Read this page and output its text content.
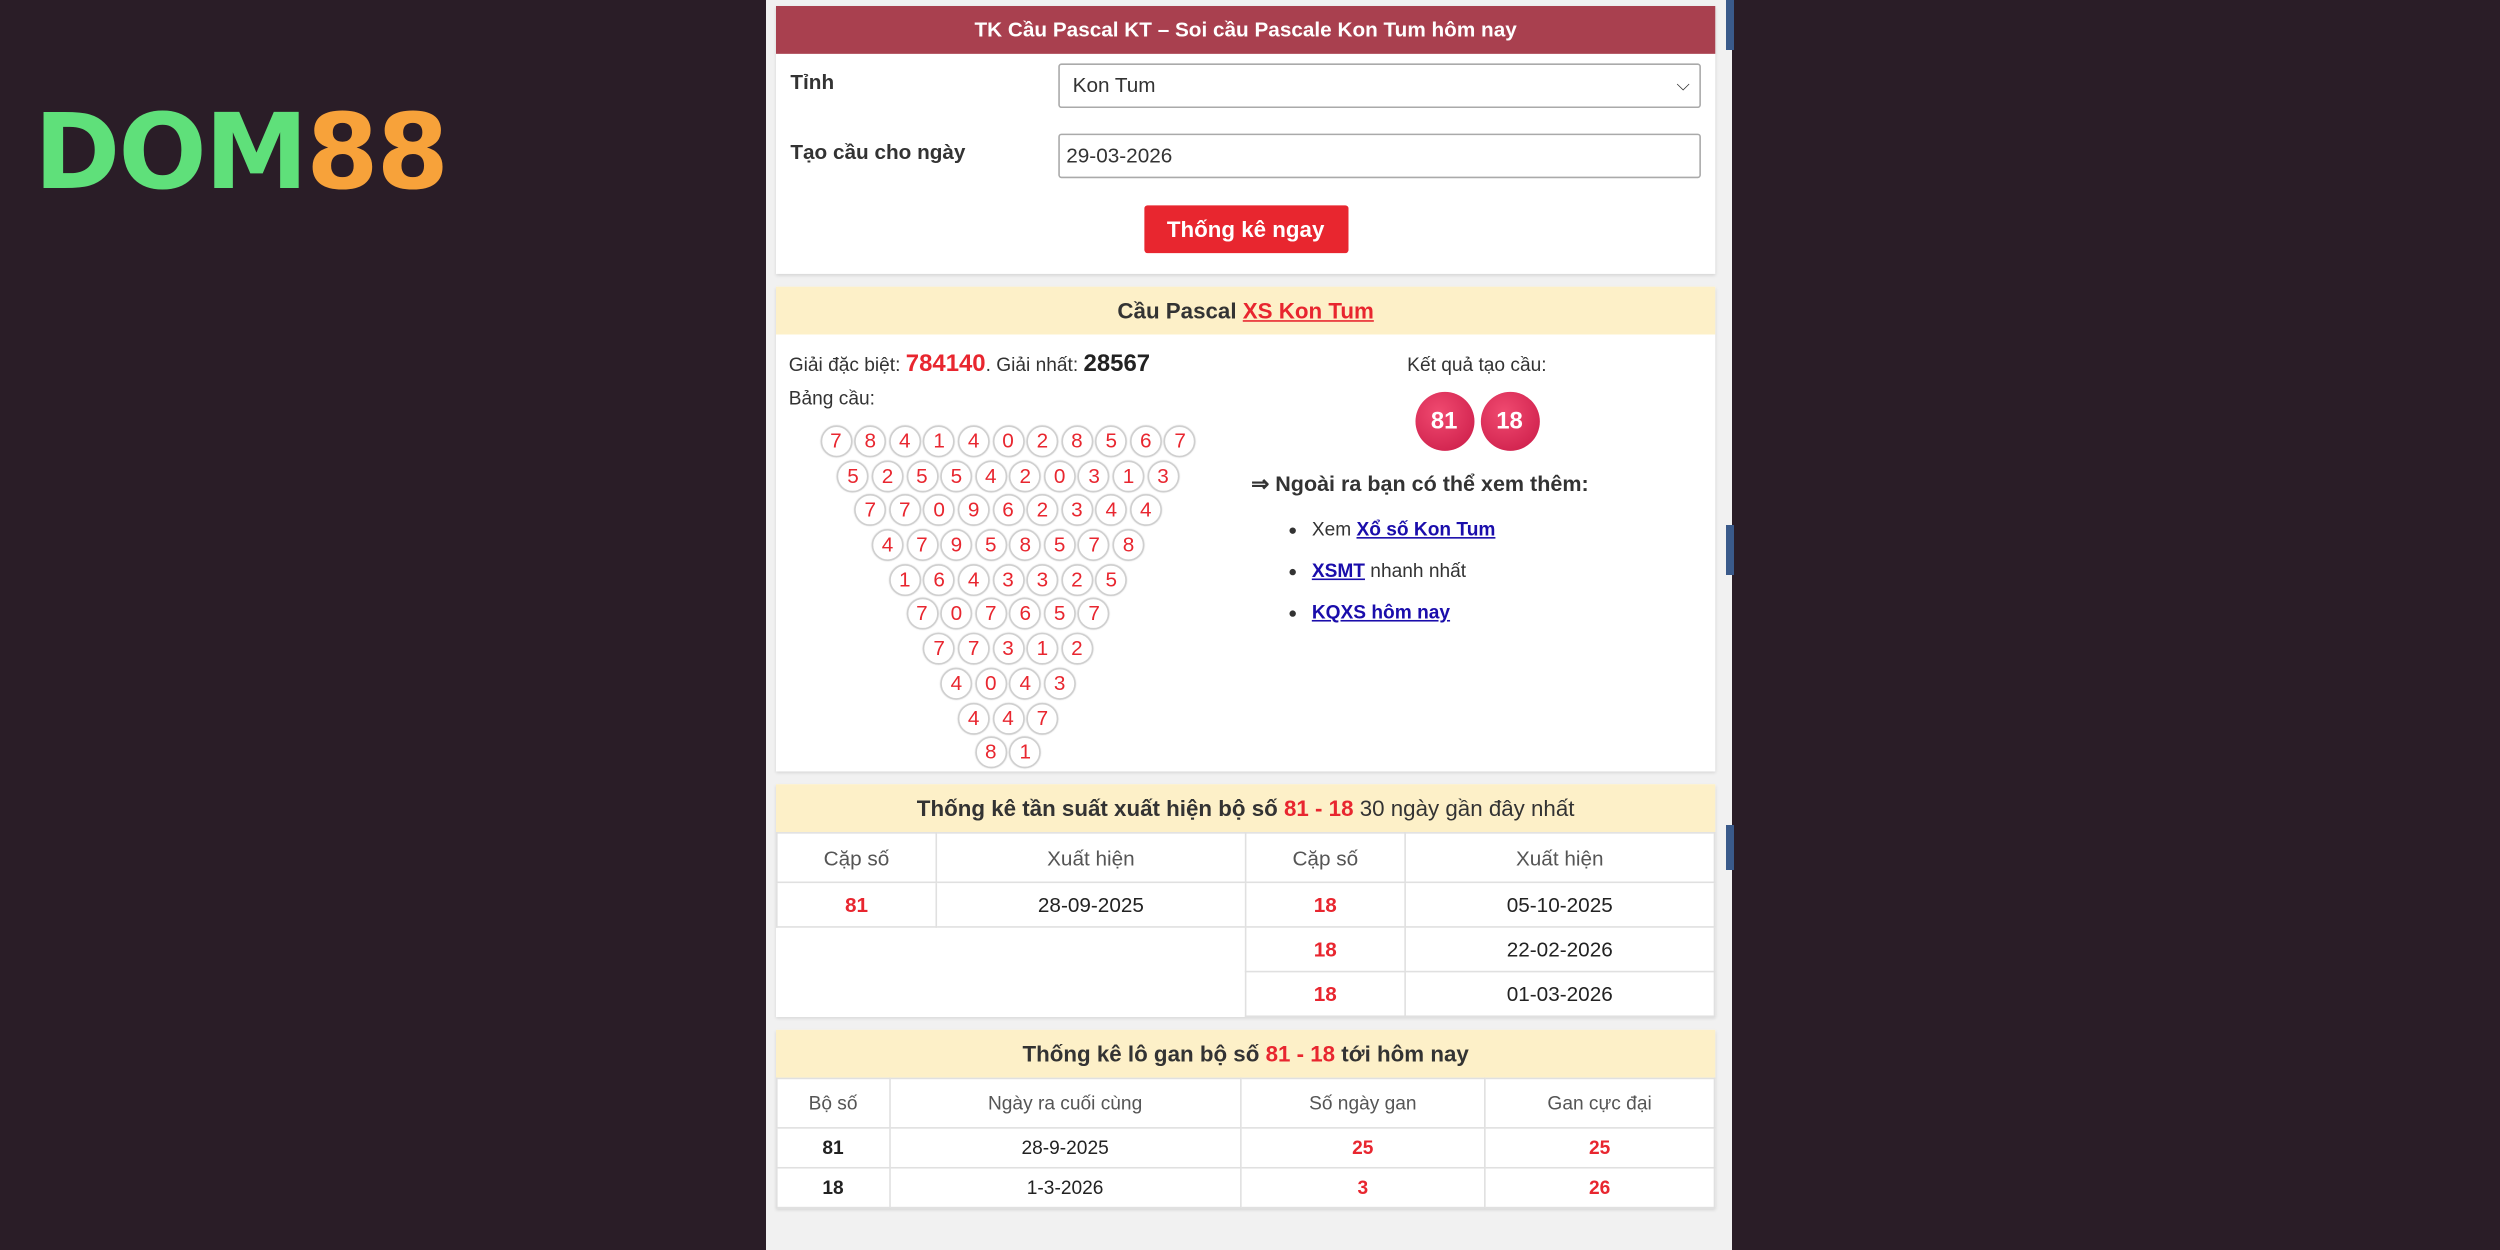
DOM88
TK Cầu Pascal KT – Soi cầu Pascale Kon Tum hôm nay
Tỉnh	Kon Tum	⌵
Tạo cầu cho ngày	29-03-2026
Thống kê ngay
Cầu Pascal XS Kon Tum
Giải đặc biệt: 784140. Giải nhất: 28567
Bảng cầu:
7	8	4	1	4	0	2	8	5	6	7
5	2	5	5	4	2	0	3	1	3
7	7	0	9	6	2	3	4	4
4	7	9	5	8	5	7	8
1	6	4	3	3	2	5
7	0	7	6	5	7
7	7	3	1	2
4	0	4	3
4	4	7
8	1
Kết quả tạo cầu:
81	18
⇒ Ngoài ra bạn có thể xem thêm:
• Xem Xổ số Kon Tum
• XSMT nhanh nhất
• KQXS hôm nay
Thống kê tần suất xuất hiện bộ số 81 - 18 30 ngày gần đây nhất
Cặp số	Xuất hiện	Cặp số	Xuất hiện
81	28-09-2025	18	05-10-2025
		18	22-02-2026
		18	01-03-2026
Thống kê lô gan bộ số 81 - 18 tới hôm nay
Bộ số	Ngày ra cuối cùng	Số ngày gan	Gan cực đại
81	28-9-2025	25	25
18	1-3-2026	3	26
